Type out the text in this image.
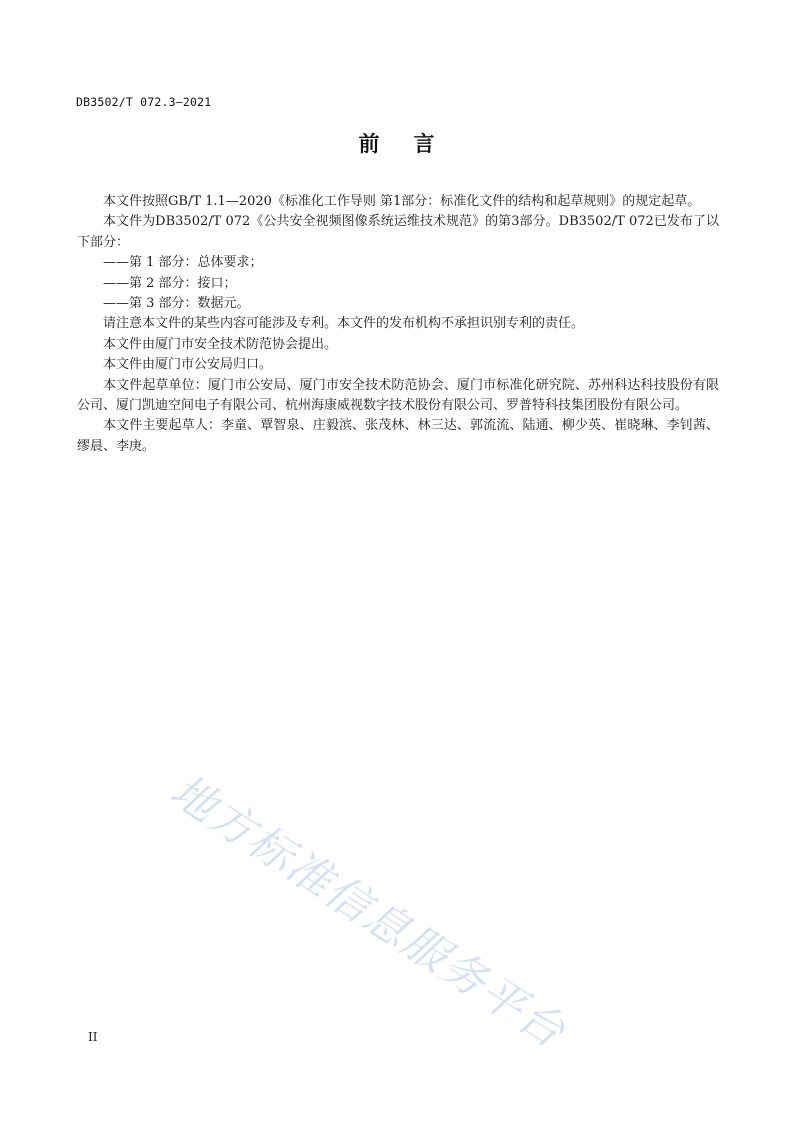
DB3502/T 072.3—2021
前言

本文件按照GB/T 1.1—2020《标准化工作导则 第1部分：标准化文件的结构和起草规则》的规定起草。

本文件为DB3502/T 072《公共安全视频图像系统运维技术规范》的第3部分。DB3502/T 072已发布了以下部分：

——第 1 部分：总体要求；

——第 2 部分：接口；

——第 3 部分：数据元。

请注意本文件的某些内容可能涉及专利。本文件的发布机构不承担识别专利的责任。

本文件由厦门市安全技术防范协会提出。

本文件由厦门市公安局归口。

本文件起草单位：厦门市公安局、厦门市安全技术防范协会、厦门市标准化研究院、苏州科达科技股份有限公司、厦门凯迪空间电子有限公司、杭州海康威视数字技术股份有限公司、罗普特科技集团股份有限公司。

本文件主要起草人：李童、覃智泉、庄毅滨、张茂林、林三达、郭流流、陆通、柳少英、崔晓琳、李钊茜、缪晨、李庚。

地方标准信息服务平台
II
